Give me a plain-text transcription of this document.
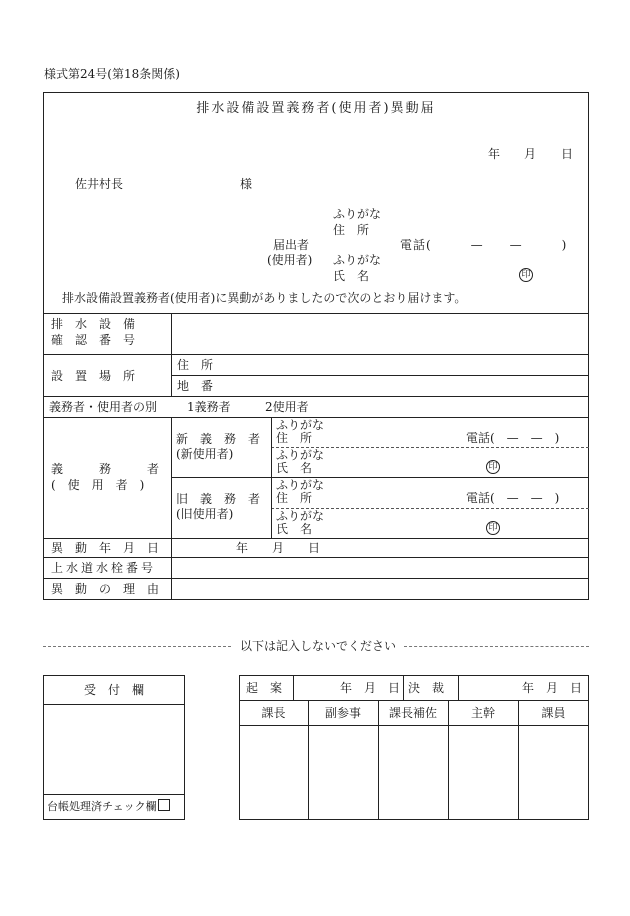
様式第24号(第18条関係)
排水設備設置義務者(使用者)異動届
年 月 日
佐井村長	様
ふりがな
住　所
届出者	電話(　　　—　　—　　　)
(使用者) ふりがな
氏　名	印
排水設備設置義務者(使用者)に異動がありましたので次のとおり届けます。
排　水　設　備
確　認　番　号
設　置　場　所
住　所
地　番
義務者・使用者の別 1義務者	2使用者
義　　　務　　　者
(　使　用　者　)
新　義　務　者
(新使用者)
ふりがな
住　所	電話(　—　—　)
ふりがな
氏　名	印
旧　義　務　者
(旧使用者)
ふりがな
住　所	電話(　—　—　)
ふりがな
氏　名	印
異　動　年　月　日	年　　月　　日
上水道水栓番号
異　動　の　理　由
以下は記入しないでください
受　付　欄
台帳処理済チェック欄
起　案	年　月　日 決　裁	年　月　日
課長	副参事	課長補佐	主幹	課員
